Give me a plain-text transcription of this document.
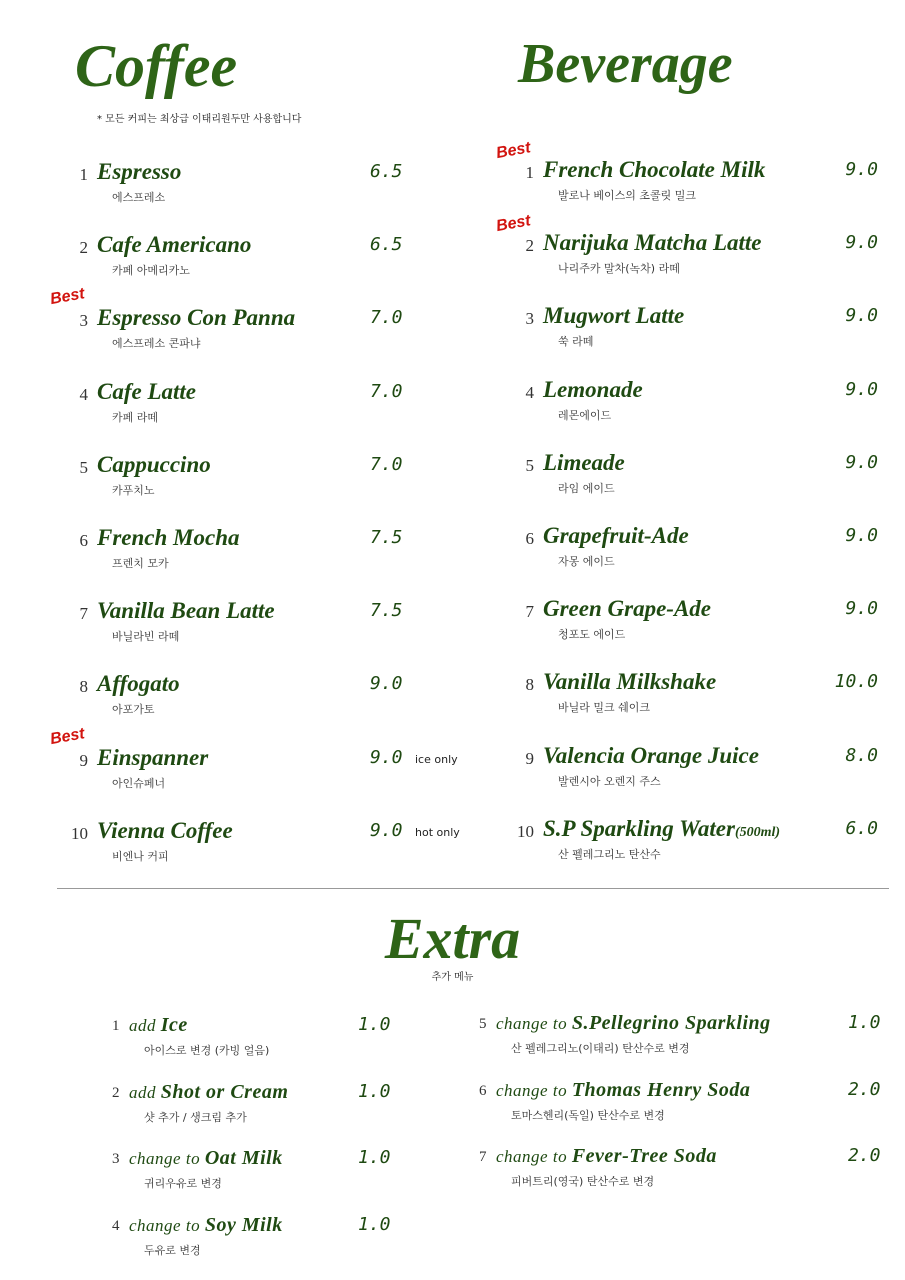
Coffee
* 모든 커피는 최상급 이태리원두만 사용합니다
Beverage
1 Espresso
에스프레소
6.5
2 Cafe Americano
카페 아메리카노
6.5
3 Espresso Con Panna
에스프레소 콘파냐
7.0
Best
4 Cafe Latte
카페 라떼
7.0
5 Cappuccino
카푸치노
7.0
6 French Mocha
프렌치 모카
7.5
7 Vanilla Bean Latte
바닐라빈 라떼
7.5
8 Affogato
아포가토
9.0
9 Einspanner
아인슈페너
9.0 ice only
Best
10 Vienna Coffee
비엔나 커피
9.0 hot only
1 French Chocolate Milk
발로나 베이스의 초콜릿 밀크
9.0
Best
2 Narijuka Matcha Latte
나리주카 말차(녹차) 라떼
9.0
Best
3 Mugwort Latte
쑥 라떼
9.0
4 Lemonade
레몬에이드
9.0
5 Limeade
라임 에이드
9.0
6 Grapefruit-Ade
자몽 에이드
9.0
7 Green Grape-Ade
청포도 에이드
9.0
8 Vanilla Milkshake
바닐라 밀크 쉐이크
10.0
9 Valencia Orange Juice
발렌시아 오렌지 주스
8.0
10 S.P Sparkling Water(500ml)
산 펠레그리노 탄산수
6.0
Extra
추가 메뉴
1 add Ice
아이스로 변경 (카빙 얼음)
1.0
2 add Shot or Cream
샷 추가 / 생크림 추가
1.0
3 change to Oat Milk
귀리우유로 변경
1.0
4 change to Soy Milk
두유로 변경
1.0
5 change to S.Pellegrino Sparkling
산 펠레그리노(이태리) 탄산수로 변경
1.0
6 change to Thomas Henry Soda
토마스헨리(독일) 탄산수로 변경
2.0
7 change to Fever-Tree Soda
피버트리(영국) 탄산수로 변경
2.0
